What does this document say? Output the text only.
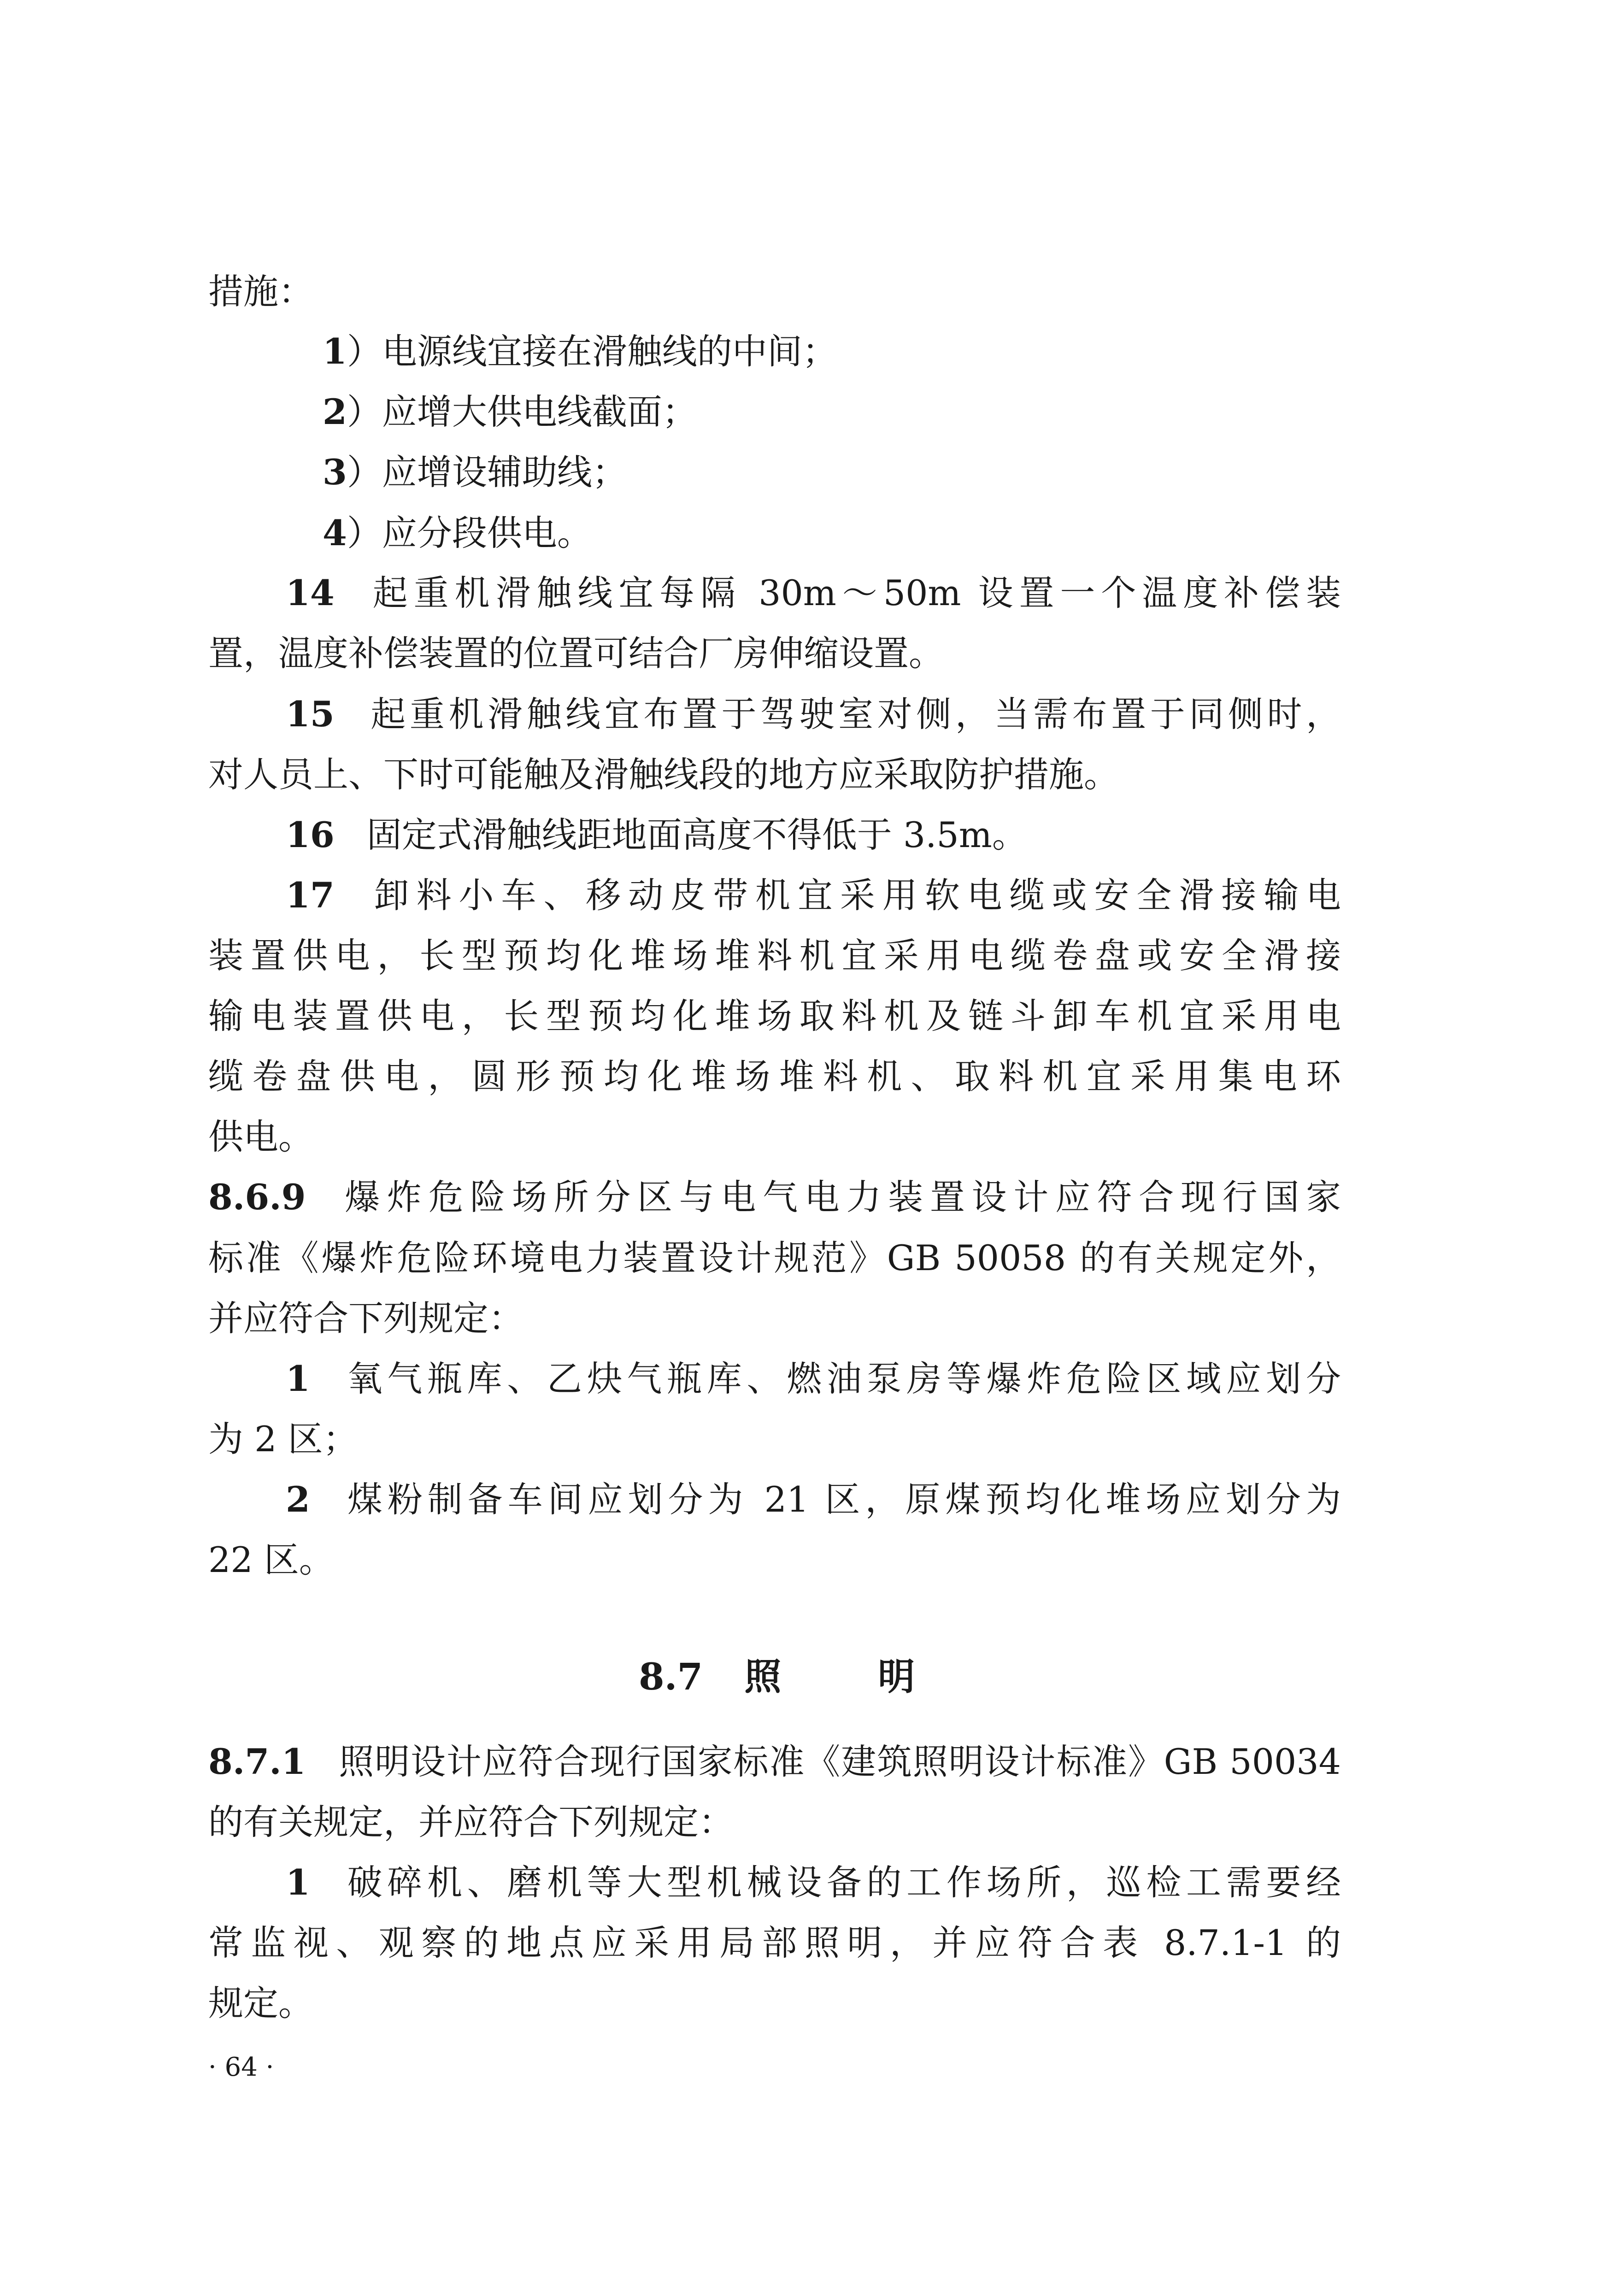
措施：
1）电源线宜接在滑触线的中间；
2）应增大供电线截面；
3）应增设辅助线；
4）应分段供电。
14 起重机滑触线宜每隔 30m～50m 设置一个温度补偿装
置，温度补偿装置的位置可结合厂房伸缩设置。
15 起重机滑触线宜布置于驾驶室对侧，当需布置于同侧时，
对人员上、下时可能触及滑触线段的地方应采取防护措施。
16 固定式滑触线距地面高度不得低于 3.5m。
17 卸料小车、移动皮带机宜采用软电缆或安全滑接输电
装置供电，长型预均化堆场堆料机宜采用电缆卷盘或安全滑接
输电装置供电，长型预均化堆场取料机及链斗卸车机宜采用电
缆卷盘供电，圆形预均化堆场堆料机、取料机宜采用集电环
供电。
8.6.9 爆炸危险场所分区与电气电力装置设计应符合现行国家
标准《爆炸危险环境电力装置设计规范》GB 50058 的有关规定外，
并应符合下列规定：
1 氧气瓶库、乙炔气瓶库、燃油泵房等爆炸危险区域应划分
为 2 区；
2 煤粉制备车间应划分为 21 区，原煤预均化堆场应划分为
22 区。
8.7 照	明
8.7.1 照明设计应符合现行国家标准《建筑照明设计标准》GB 50034
的有关规定，并应符合下列规定：
1 破碎机、磨机等大型机械设备的工作场所，巡检工需要经
常监视、观察的地点应采用局部照明，并应符合表 8.7.1-1 的
规定。
· 64 ·
